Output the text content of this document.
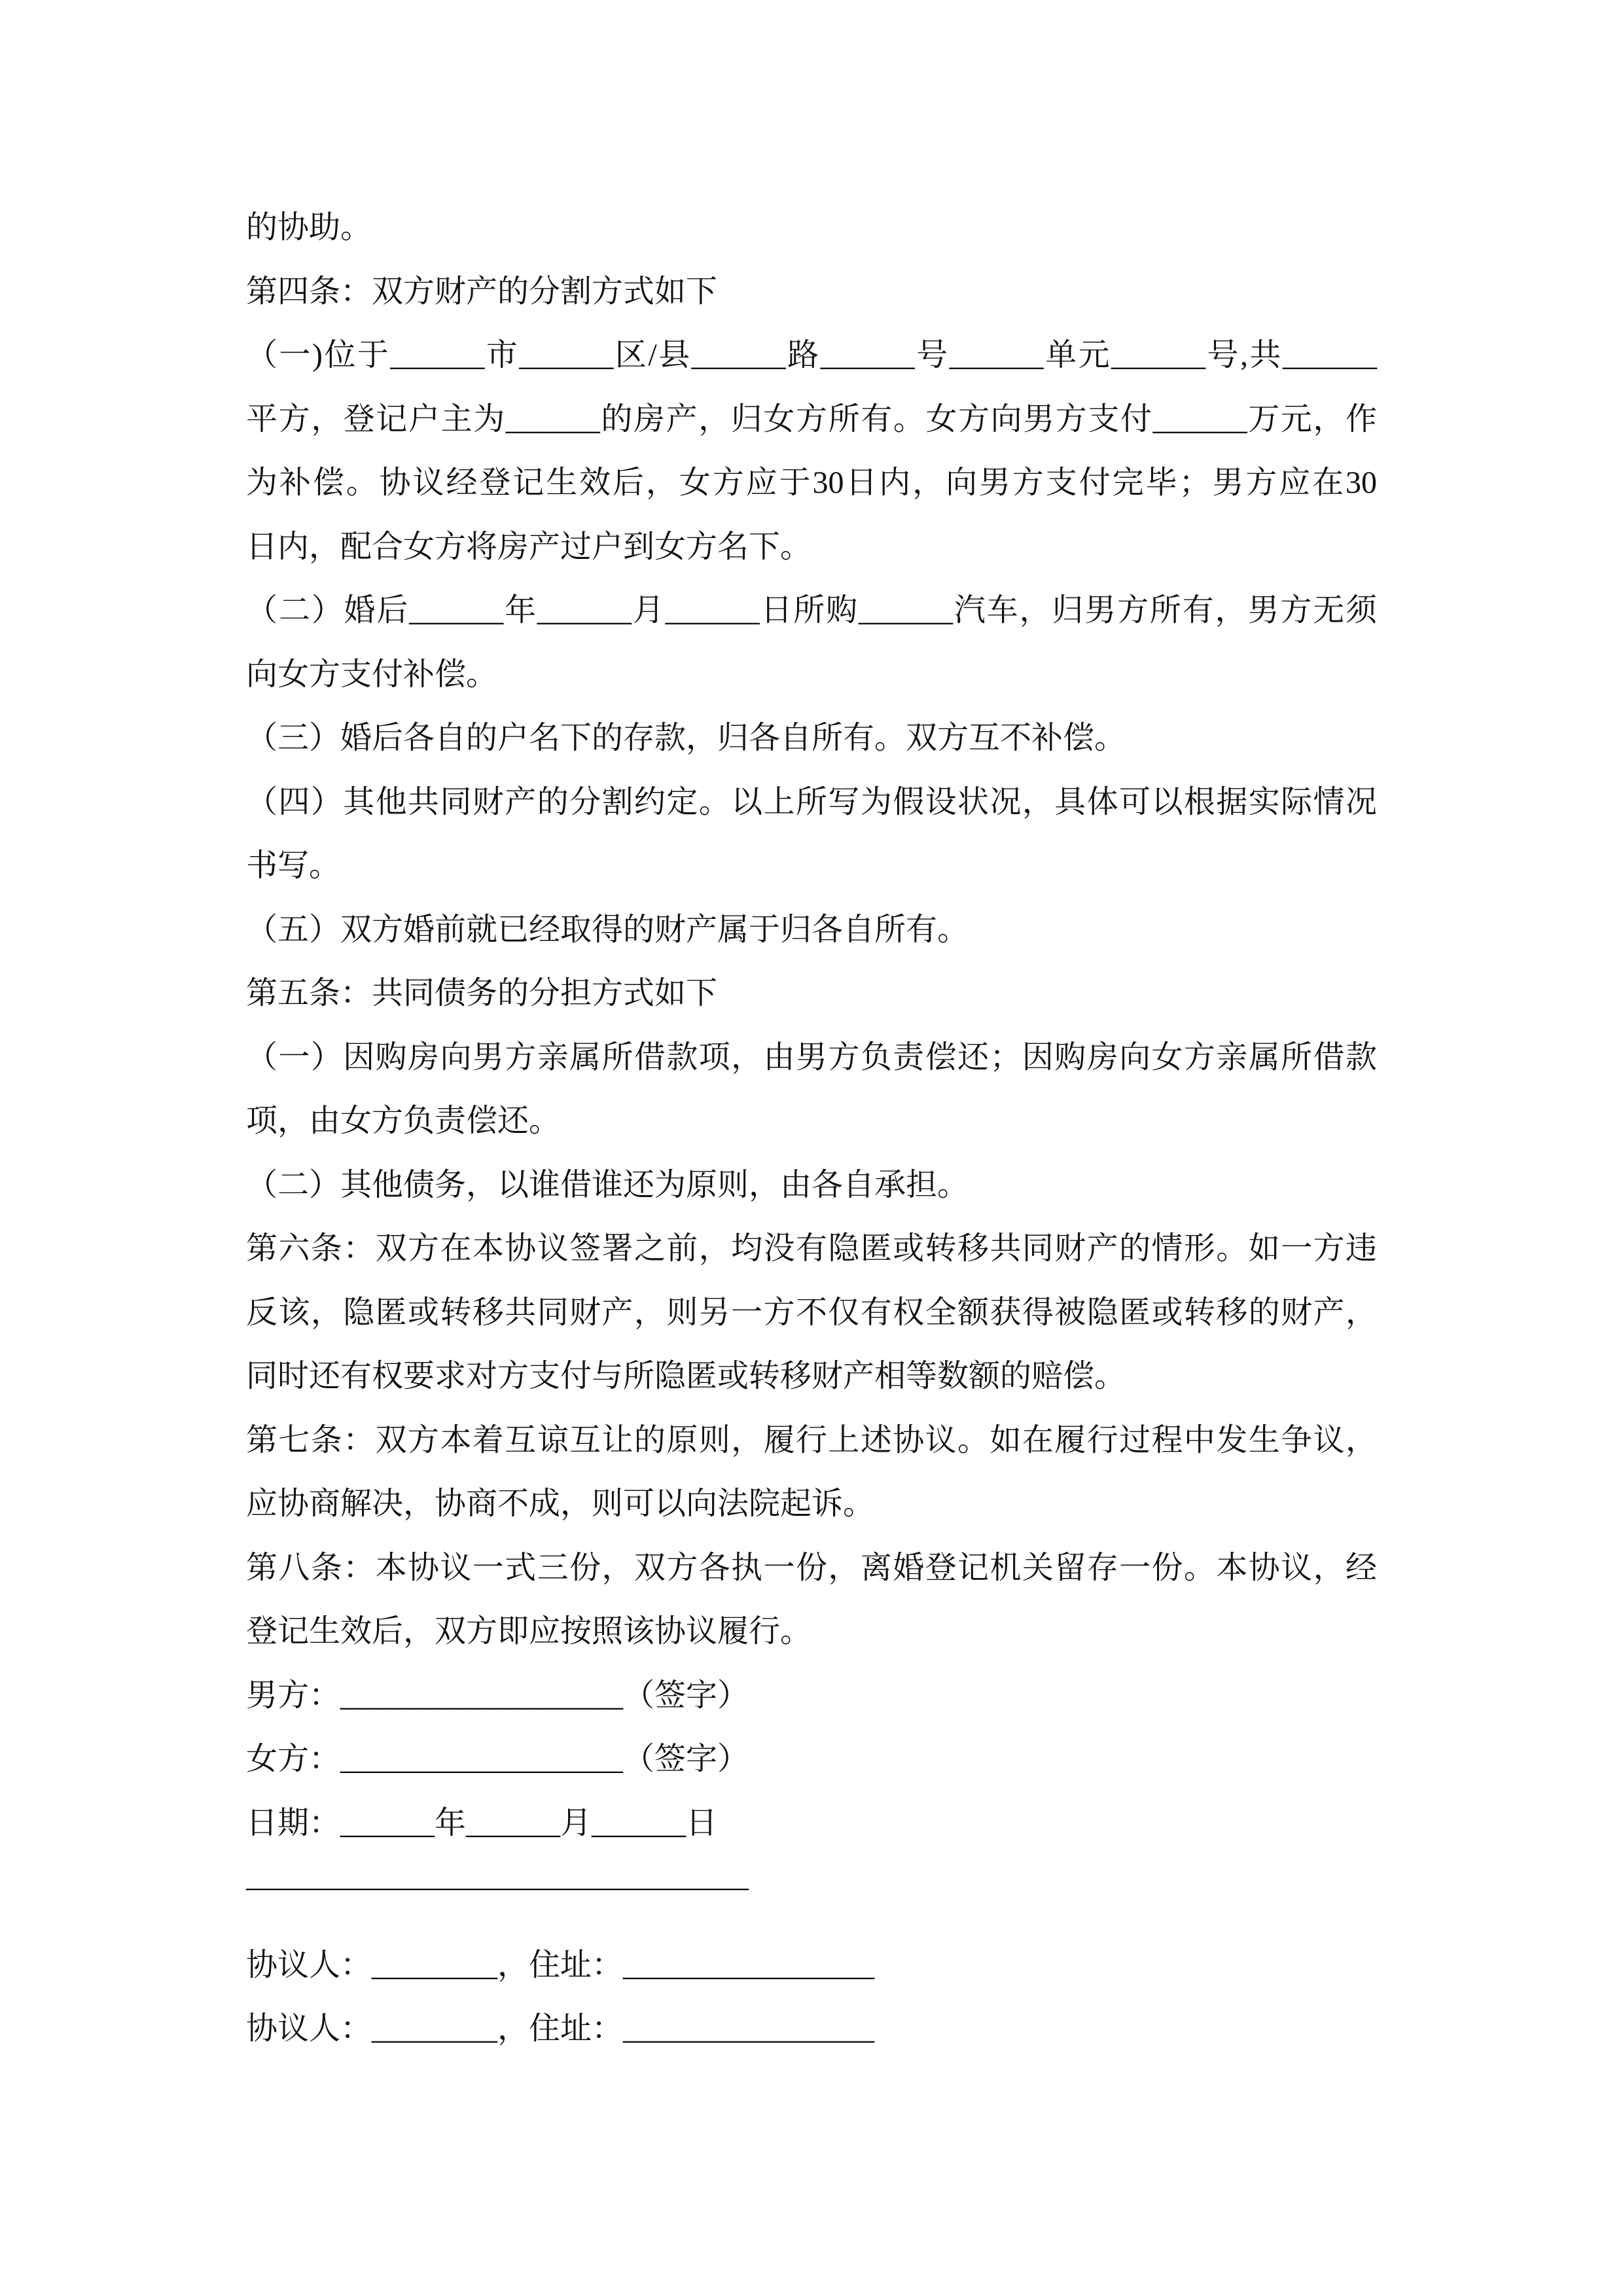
的协助。
第四条：双方财产的分割方式如下
（一)位于______市______区/县______路______号______单元______号,共______
平方，登记户主为______的房产，归女方所有。女方向男方支付______万元，作
为补偿。协议经登记生效后，女方应于30日内，向男方支付完毕；男方应在30
日内，配合女方将房产过户到女方名下。
（二）婚后______年______月______日所购______汽车，归男方所有，男方无须
向女方支付补偿。
（三）婚后各自的户名下的存款，归各自所有。双方互不补偿。
（四）其他共同财产的分割约定。以上所写为假设状况，具体可以根据实际情况
书写。
（五）双方婚前就已经取得的财产属于归各自所有。
第五条：共同债务的分担方式如下
（一）因购房向男方亲属所借款项，由男方负责偿还；因购房向女方亲属所借款
项，由女方负责偿还。
（二）其他债务，以谁借谁还为原则，由各自承担。
第六条：双方在本协议签署之前，均没有隐匿或转移共同财产的情形。如一方违
反该，隐匿或转移共同财产，则另一方不仅有权全额获得被隐匿或转移的财产，
同时还有权要求对方支付与所隐匿或转移财产相等数额的赔偿。
第七条：双方本着互谅互让的原则，履行上述协议。如在履行过程中发生争议，
应协商解决，协商不成，则可以向法院起诉。
第八条：本协议一式三份，双方各执一份，离婚登记机关留存一份。本协议，经
登记生效后，双方即应按照该协议履行。
男方：__________________（签字）
女方：__________________（签字）
日期：______年______月______日
————————————————
协议人：________，住址：________________
协议人：________，住址：________________
